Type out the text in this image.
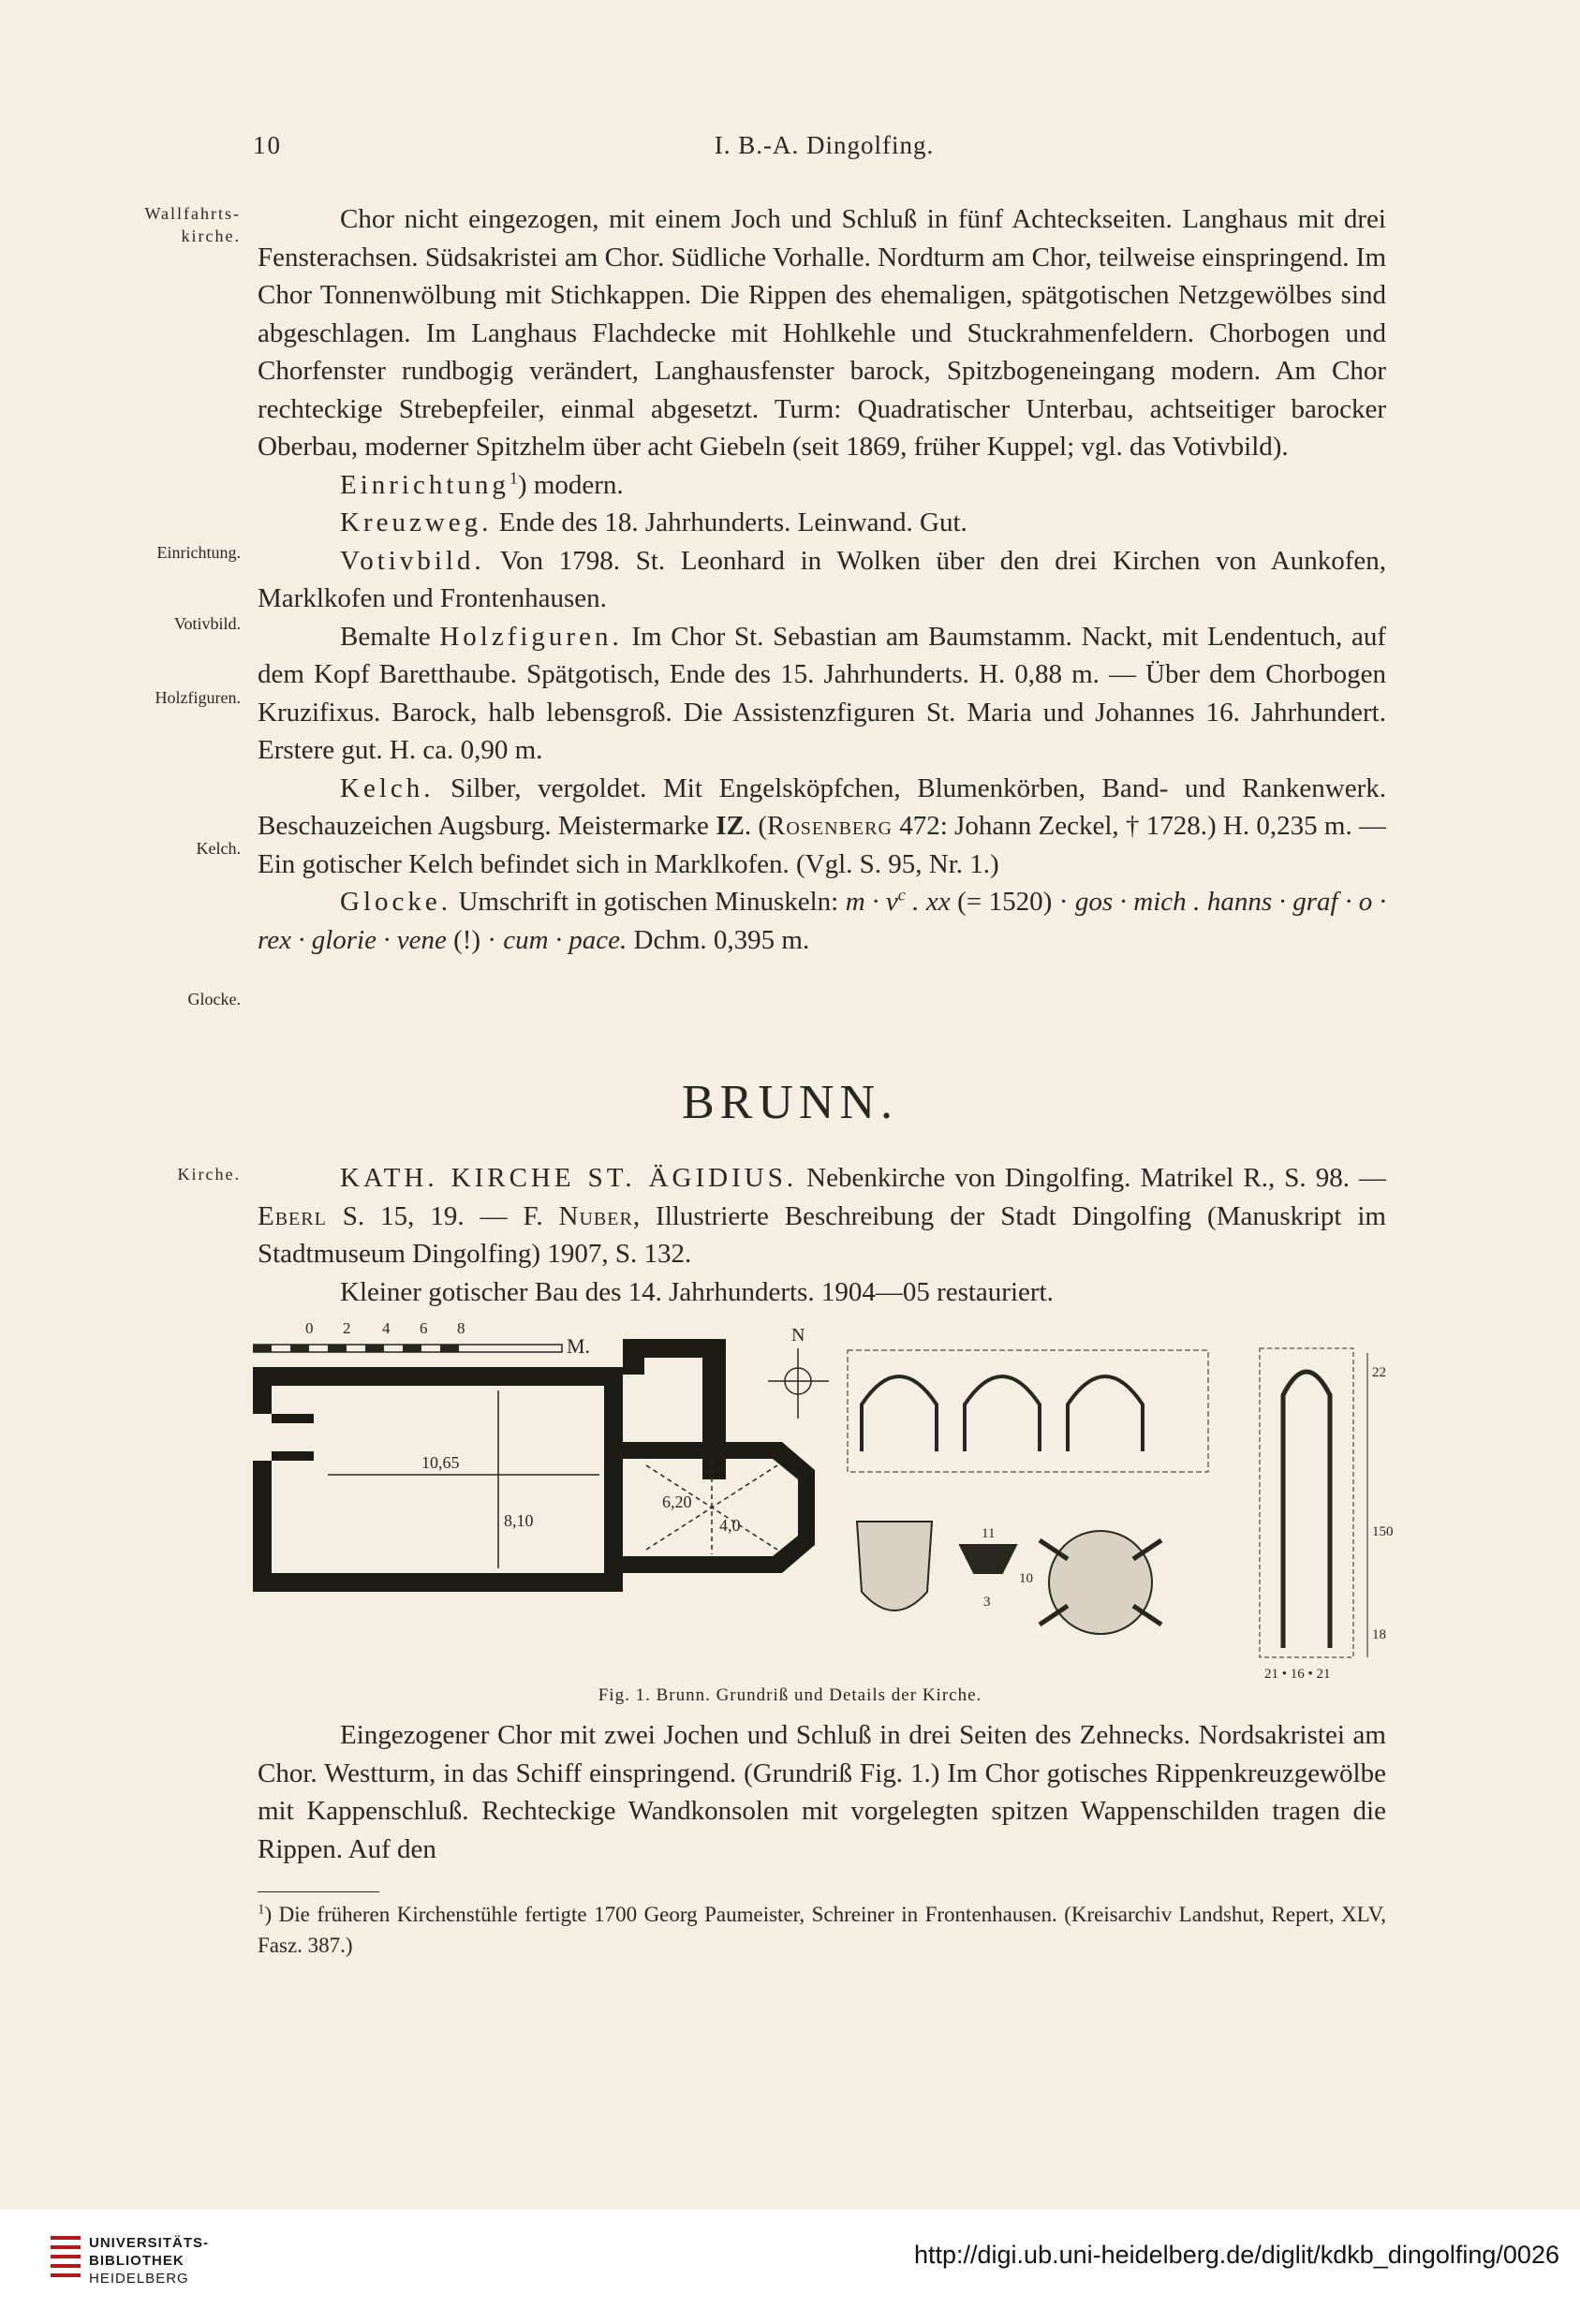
10	I. B.-A. Dingolfing.
Wallfahrts-
kirche.
Einrichtung.
Votivbild.
Holzfiguren.
Kelch.
Glocke.
Kirche.

Chor nicht eingezogen, mit einem Joch und Schluß in fünf Achteckseiten. Langhaus mit drei Fensterachsen. Südsakristei am Chor. Südliche Vorhalle. Nordturm am Chor, teilweise einspringend. Im Chor Tonnenwölbung mit Stichkappen. Die Rippen des ehemaligen, spätgotischen Netzgewölbes sind abgeschlagen. Im Langhaus Flachdecke mit Hohlkehle und Stuckrahmenfeldern. Chorbogen und Chorfenster rundbogig verändert, Langhausfenster barock, Spitzbogeneingang modern. Am Chor rechteckige Strebepfeiler, einmal abgesetzt. Turm: Quadratischer Unterbau, achtseitiger barocker Oberbau, moderner Spitzhelm über acht Giebeln (seit 1869, früher Kuppel; vgl. das Votivbild).

Einrichtung$^1$) modern.

Kreuzweg. Ende des 18. Jahrhunderts. Leinwand. Gut.

Votivbild. Von 1798. St. Leonhard in Wolken über den drei Kirchen von Aunkofen, Marklkofen und Frontenhausen.

Bemalte Holzfiguren. Im Chor St. Sebastian am Baumstamm. Nackt, mit Lendentuch, auf dem Kopf Baretthaube. Spätgotisch, Ende des 15. Jahrhunderts. H. 0,88 m. — Über dem Chorbogen Kruzifixus. Barock, halb lebensgroß. Die Assistenzfiguren St. Maria und Johannes 16. Jahrhundert. Erstere gut. H. ca. 0,90 m.

Kelch. Silber, vergoldet. Mit Engelsköpfchen, Blumenkörben, Band- und Rankenwerk. Beschauzeichen Augsburg. Meistermarke IZ. (Rosenberg 472: Johann Zeckel, † 1728.) H. 0,235 m. — Ein gotischer Kelch befindet sich in Marklkofen. (Vgl. S. 95, Nr. 1.)

Glocke. Umschrift in gotischen Minuskeln: $m \cdot v^c$ . xx (= 1520) · gos · mich . hanns · graf · o · rex · glorie · vene (!) · cum · pace. Dchm. 0,395 m.

BRUNN.

KATH. KIRCHE ST. ÄGIDIUS. Nebenkirche von Dingolfing. Matrikel R., S. 98. — Eberl S. 15, 19. — F. Nuber, Illustrierte Beschreibung der Stadt Dingolfing (Manuskript im Stadtmuseum Dingolfing) 1907, S. 132.

Kleiner gotischer Bau des 14. Jahrhunderts. 1904—05 restauriert.

0 2 4 6 8
M.
10,65
8,10
6,20
4,0
N
11
10
3
22
150
18
21 • 16 • 21
Fig. 1. Brunn. Grundriß und Details der Kirche.

Eingezogener Chor mit zwei Jochen und Schluß in drei Seiten des Zehnecks. Nordsakristei am Chor. Westturm, in das Schiff einspringend. (Grundriß Fig. 1.) Im Chor gotisches Rippenkreuzgewölbe mit Kappenschluß. Rechteckige Wandkonsolen mit vorgelegten spitzen Wappenschilden tragen die Rippen. Auf den

$^1$) Die früheren Kirchenstühle fertigte 1700 Georg Paumeister, Schreiner in Frontenhausen. (Kreisarchiv Landshut, Repert, XLV, Fasz. 387.)
UNIVERSITÄTS-
BIBLIOTHEK
HEIDELBERG
http://digi.ub.uni-heidelberg.de/diglit/kdkb_dingolfing/0026
